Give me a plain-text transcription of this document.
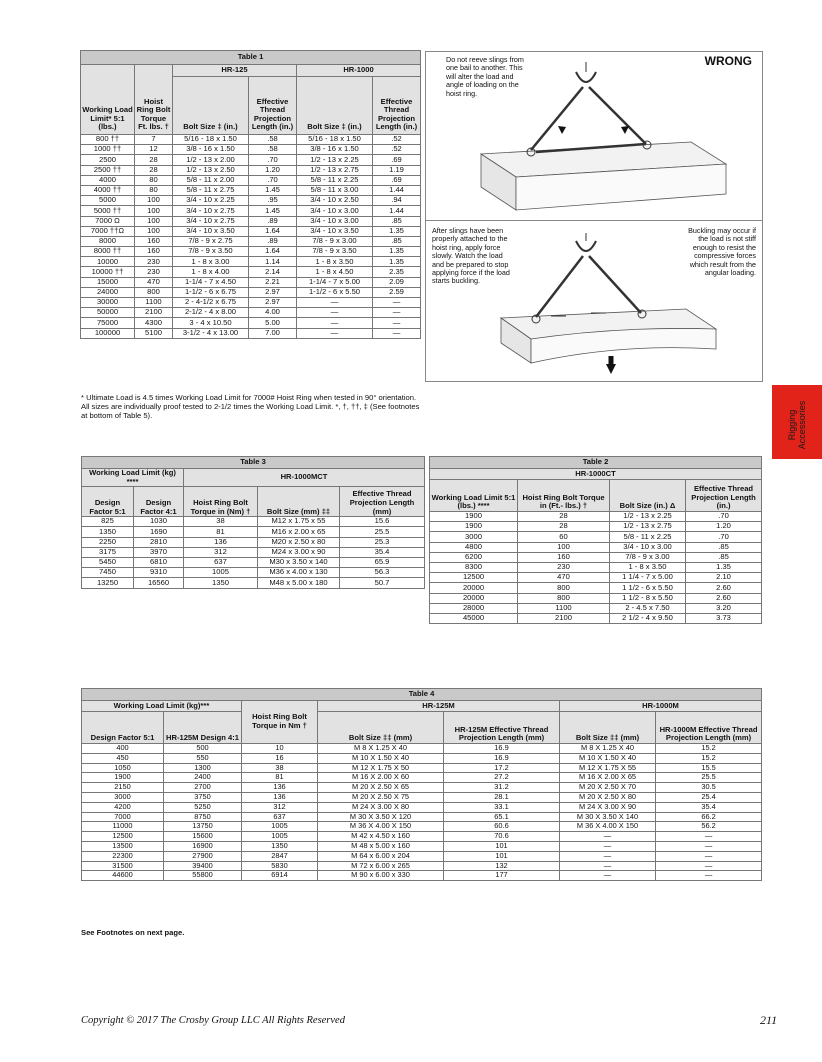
Table 1					
Working Load Limit* 5:1 (lbs.)	Hoist Ring Bolt Torque Ft. lbs. †	HR-125		HR-1000	
		Bolt Size ‡ (in.)	Effective Thread Projection Length (in.)	Bolt Size ‡ (in.)	Effective Thread Projection Length (in.)
800 ††	7	5/16 - 18 x 1.50	.58	5/16 - 18 x 1.50	.52
1000 ††	12	3/8 - 16 x 1.50	.58	3/8 - 16 x 1.50	.52
2500	28	1/2 - 13 x 2.00	.70	1/2 - 13 x 2.25	.69
2500 ††	28	1/2 - 13 x 2.50	1.20	1/2 - 13 x 2.75	1.19
4000	80	5/8 - 11 x 2.00	.70	5/8 - 11 x 2.25	.69
4000 ††	80	5/8 - 11 x 2.75	1.45	5/8 - 11 x 3.00	1.44
5000	100	3/4 - 10 x 2.25	.95	3/4 - 10 x 2.50	.94
5000 ††	100	3/4 - 10 x 2.75	1.45	3/4 - 10 x 3.00	1.44
7000 Ω	100	3/4 - 10 x 2.75	.89	3/4 - 10 x 3.00	.85
7000 ††Ω	100	3/4 - 10 x 3.50	1.64	3/4 - 10 x 3.50	1.35
8000	160	7/8 - 9 x 2.75	.89	7/8 - 9 x 3.00	.85
8000 ††	160	7/8 - 9 x 3.50	1.64	7/8 - 9 x 3.50	1.35
10000	230	1 - 8 x 3.00	1.14	1 - 8 x 3.50	1.35
10000 ††	230	1 - 8 x 4.00	2.14	1 - 8 x 4.50	2.35
15000	470	1-1/4 - 7 x 4.50	2.21	1-1/4 - 7 x 5.00	2.09
24000	800	1-1/2 - 6 x 6.75	2.97	1-1/2 - 6 x 5.50	2.59
30000	1100	2 - 4-1/2 x 6.75	2.97	—	—
50000	2100	2-1/2 - 4 x 8.00	4.00	—	—
75000	4300	3 - 4 x 10.50	5.00	—	—
100000	5100	3-1/2 - 4 x 13.00	7.00	—	—
* Ultimate Load is 4.5 times Working Load Limit for 7000# Hoist Ring when tested in 90° orientation. All sizes are individually proof tested to 2-1/2 times the Working Load Limit. *, †, ††, ‡ (See footnotes at bottom of Table 5).
Do not reeve slings from one bail to another. This will alter the load and angle of loading on the hoist ring.
WRONG
After slings have been properly attached to the hoist ring, apply force slowly. Watch the load and be prepared to stop applying force if the load starts buckling.
Buckling may occur if the load is not stiff enough to resist the compressive forces which result from the angular loading.
Rigging Accessories
Table 3				
Working Load Limit (kg) ****		HR-1000MCT		
Design Factor 5:1	Design Factor 4:1	Hoist Ring Bolt Torque in (Nm) †	Bolt Size (mm) ‡‡	Effective Thread Projection Length (mm)
825	1030	38	M12 x 1.75 x 55	15.6
1350	1690	81	M16 x 2.00 x 65	25.5
2250	2810	136	M20 x 2.50 x 80	25.3
3175	3970	312	M24 x 3.00 x 90	35.4
5450	6810	637	M30 x 3.50 x 140	65.9
7450	9310	1005	M36 x 4.00 x 130	56.3
13250	16560	1350	M48 x 5.00 x 180	50.7
Table 2			
HR-1000CT			
Working Load Limit 5:1 (lbs.) ****	Hoist Ring Bolt Torque in (Ft.- lbs.) †	Bolt Size (in.) Δ	Effective Thread Projection Length (in.)
1900	28	1/2 - 13 x 2.25	.70
1900	28	1/2 - 13 x 2.75	1.20
3000	60	5/8 - 11 x 2.25	.70
4800	100	3/4 - 10 x 3.00	.85
6200	160	7/8 - 9 x 3.00	.85
8300	230	1 - 8 x 3.50	1.35
12500	470	1 1/4 - 7 x 5.00	2.10
20000	800	1 1/2 - 6 x 5.50	2.60
20000	800	1 1/2 - 8 x 5.50	2.60
28000	1100	2 - 4.5 x 7.50	3.20
45000	2100	2 1/2 - 4 x 9.50	3.73
Table 4						
Working Load Limit (kg)***		Hoist Ring Bolt Torque in Nm †	HR-125M		HR-1000M	
Design Factor 5:1	HR-125M Design 4:1		Bolt Size ‡‡ (mm)	HR-125M Effective Thread Projection Length (mm)	Bolt Size ‡‡ (mm)	HR-1000M Effective Thread Projection Length (mm)
400	500	10	M 8 X 1.25 X 40	16.9	M 8 X 1.25 X 40	15.2
450	550	16	M 10 X 1.50 X 40	16.9	M 10 X 1.50 X 40	15.2
1050	1300	38	M 12 X 1.75 X 50	17.2	M 12 X 1.75 X 55	15.5
1900	2400	81	M 16 X 2.00 X 60	27.2	M 16 X 2.00 X 65	25.5
2150	2700	136	M 20 X 2.50 X 65	31.2	M 20 X 2.50 X 70	30.5
3000	3750	136	M 20 X 2.50 X 75	28.1	M 20 X 2.50 X 80	25.4
4200	5250	312	M 24 X 3.00 X 80	33.1	M 24 X 3.00 X 90	35.4
7000	8750	637	M 30 X 3.50 X 120	65.1	M 30 X 3.50 X 140	66.2
11000	13750	1005	M 36 X 4.00 X 150	60.6	M 36 X 4.00 X 150	56.2
12500	15600	1005	M 42 x 4.50 x 160	70.6	—	—
13500	16900	1350	M 48 x 5.00 x 160	101	—	—
22300	27900	2847	M 64 x 6.00 x 204	101	—	—
31500	39400	5830	M 72 x 6.00 x 265	132	—	—
44600	55800	6914	M 90 x 6.00 x 330	177	—	—
See Footnotes on next page.
Copyright © 2017 The Crosby Group LLC All Rights Reserved	211
